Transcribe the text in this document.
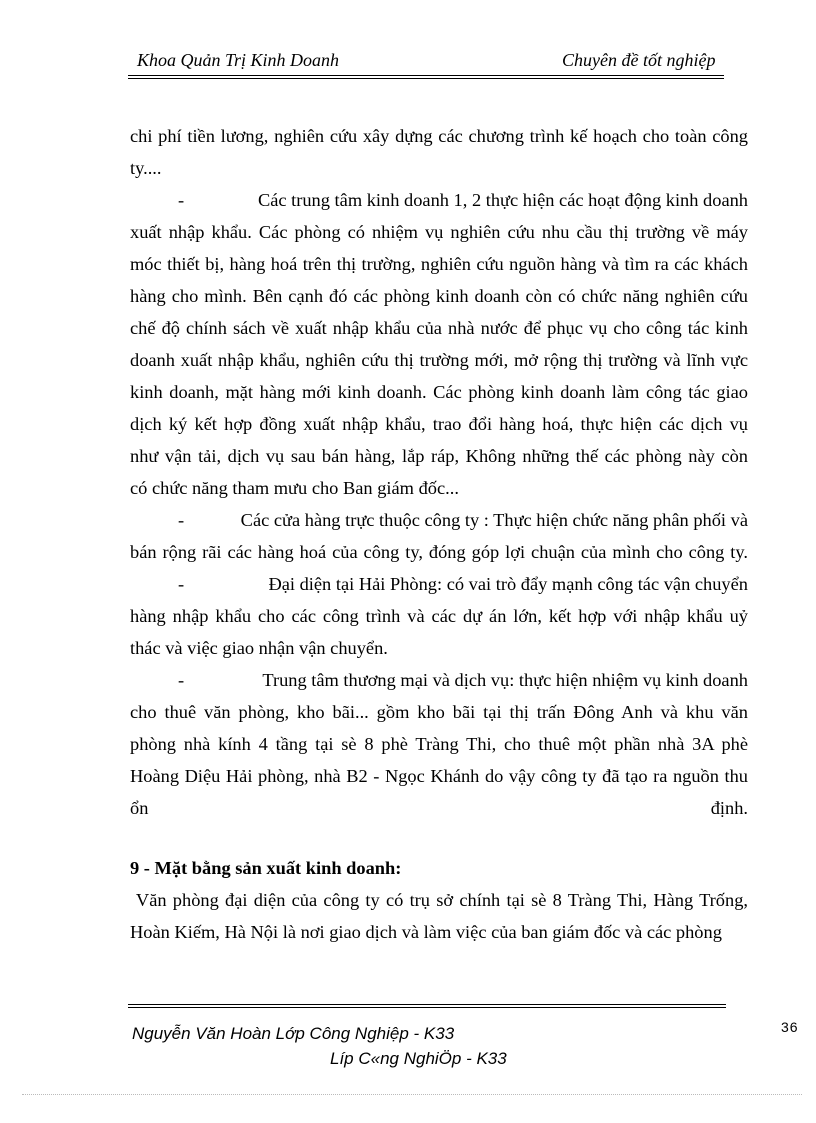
Khoa Quản Trị Kinh Doanh	Chuyên đề tốt nghiệp
chi phí tiền lương, nghiên cứu xây dựng các chương trình kế hoạch cho toàn công
ty....
-	Các trung tâm kinh doanh 1, 2 thực hiện các hoạt động kinh doanh
xuất nhập khẩu. Các phòng có nhiệm vụ nghiên cứu nhu cầu thị trường về máy
móc thiết bị, hàng hoá trên thị trường, nghiên cứu nguồn hàng và tìm ra các khách
hàng cho mình. Bên cạnh đó các phòng kinh doanh còn có chức năng nghiên cứu
chế độ chính sách về xuất nhập khẩu của nhà nước để phục vụ cho công tác kinh
doanh xuất nhập khẩu, nghiên cứu thị trường mới, mở rộng thị trường và lĩnh vực
kinh doanh, mặt hàng mới kinh doanh. Các phòng kinh doanh làm công tác giao
dịch ký kết hợp đồng xuất nhập khẩu, trao đổi hàng hoá, thực hiện các dịch vụ
như vận tải, dịch vụ sau bán hàng, lắp ráp, Không những thế các phòng này còn
có chức năng tham mưu cho Ban giám đốc...
-	Các cửa hàng trực thuộc công ty : Thực hiện chức năng phân phối và
bán rộng rãi các hàng hoá của công ty, đóng góp lợi chuận của mình cho công ty.
-	Đại diện tại Hải Phòng: có vai trò đẩy mạnh công tác vận chuyển
hàng nhập khẩu cho các công trình và các dự án lớn, kết hợp với nhập khẩu uỷ
thác và việc giao nhận vận chuyển.
-	Trung tâm thương mại và dịch vụ: thực hiện nhiệm vụ kinh doanh
cho thuê văn phòng, kho bãi... gồm kho bãi tại thị trấn Đông Anh và khu văn
phòng nhà kính 4 tầng tại sè 8 phè Tràng Thi, cho thuê một phần nhà 3A phè
Hoàng Diệu Hải phòng, nhà B2 - Ngọc Khánh do vậy công ty đã tạo ra nguồn thu
ổn	định.
9 - Mặt bằng sản xuất kinh doanh:
Văn phòng đại diện của công ty có trụ sở chính tại sè 8 Tràng Thi, Hàng Trống,
Hoàn Kiếm, Hà Nội là nơi giao dịch và làm việc của ban giám đốc và các phòng
Nguyễn Văn Hoàn Lớp Công Nghiệp - K33
Líp C«ng NghiÖp - K33
36
